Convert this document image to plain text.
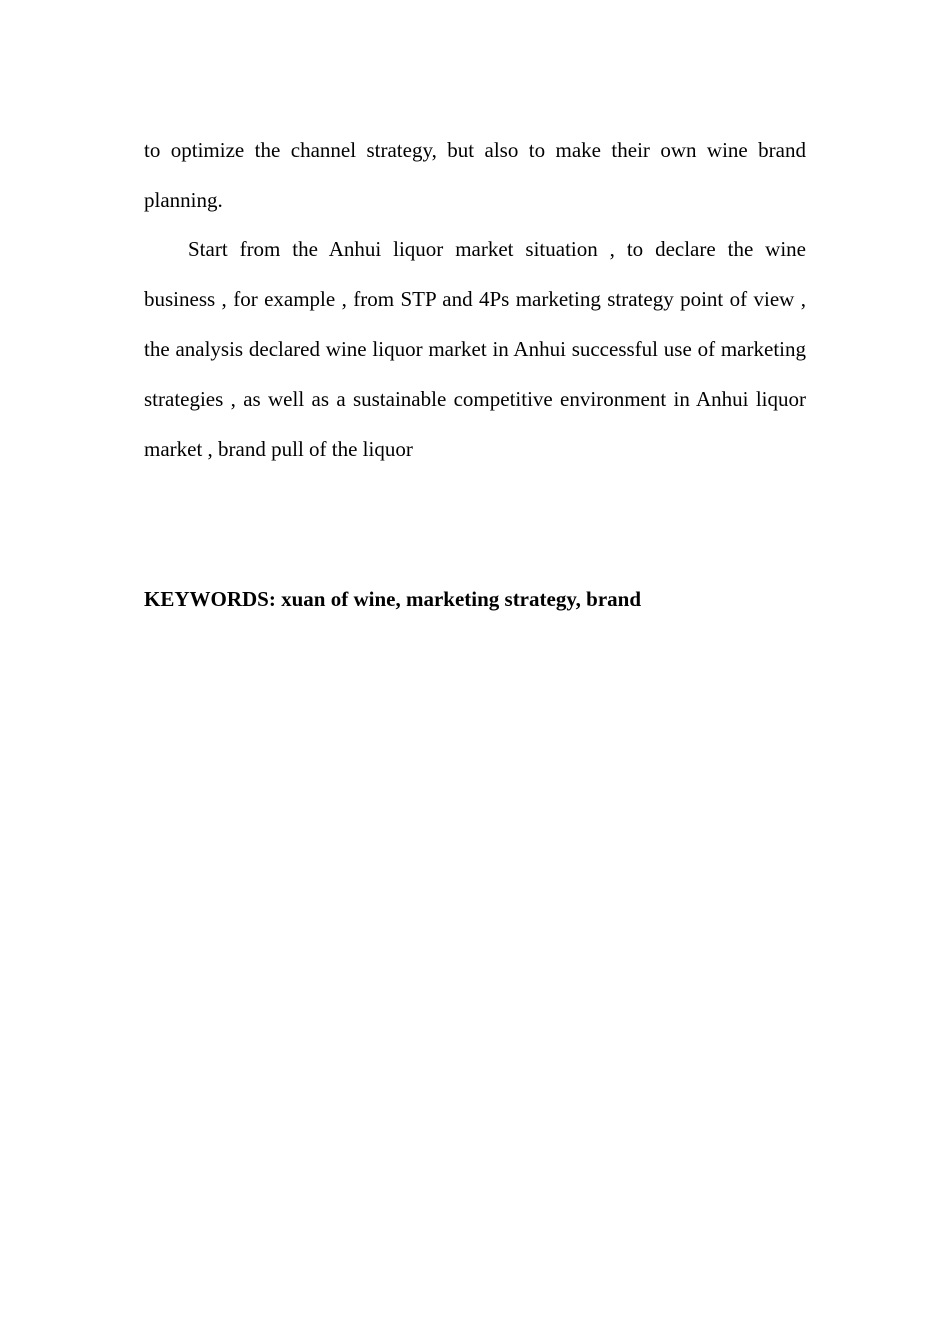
to optimize the channel strategy, but also to make their own wine brand planning.

Start from the Anhui liquor market situation , to declare the wine business , for example , from STP and 4Ps marketing strategy point of view , the analysis declared wine liquor market in Anhui successful use of marketing strategies , as well as a sustainable competitive environment in Anhui liquor market , brand pull of the liquor

KEYWORDS: xuan of wine, marketing strategy, brand
